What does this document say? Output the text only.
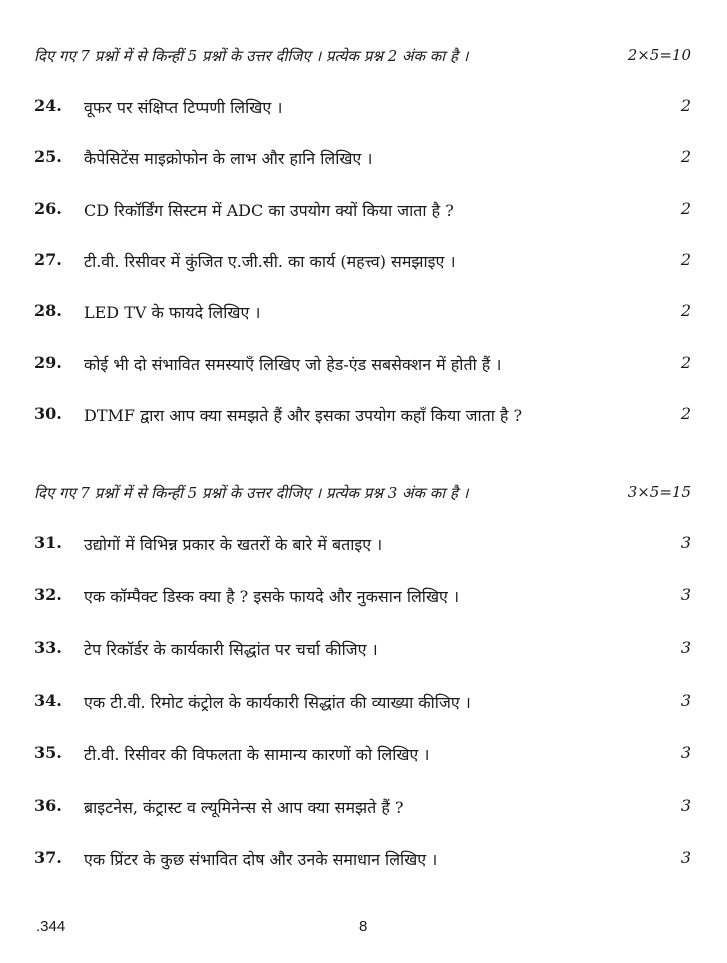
दिए गए 7 प्रश्नों में से किन्हीं 5 प्रश्नों के उत्तर दीजिए । प्रत्येक प्रश्न 2 अंक का है ।	2×5=10
24. वूफर पर संक्षिप्त टिप्पणी लिखिए ।	2
25. कैपेसिटेंस माइक्रोफोन के लाभ और हानि लिखिए ।	2
26. CD रिकॉर्डिंग सिस्टम में ADC का उपयोग क्यों किया जाता है ?	2
27. टी.वी. रिसीवर में कुंजित ए.जी.सी. का कार्य (महत्त्व) समझाइए ।	2
28. LED TV के फायदे लिखिए ।	2
29. कोई भी दो संभावित समस्याएँ लिखिए जो हेड-एंड सबसेक्शन में होती हैं ।	2
30. DTMF द्वारा आप क्या समझते हैं और इसका उपयोग कहाँ किया जाता है ?	2
दिए गए 7 प्रश्नों में से किन्हीं 5 प्रश्नों के उत्तर दीजिए । प्रत्येक प्रश्न 3 अंक का है ।	3×5=15
31. उद्योगों में विभिन्न प्रकार के खतरों के बारे में बताइए ।	3
32. एक कॉम्पैक्ट डिस्क क्या है ? इसके फायदे और नुकसान लिखिए ।	3
33. टेप रिकॉर्डर के कार्यकारी सिद्धांत पर चर्चा कीजिए ।	3
34. एक टी.वी. रिमोट कंट्रोल के कार्यकारी सिद्धांत की व्याख्या कीजिए ।	3
35. टी.वी. रिसीवर की विफलता के सामान्य कारणों को लिखिए ।	3
36. ब्राइटनेस, कंट्रास्ट व ल्यूमिनेन्स से आप क्या समझते हैं ?	3
37. एक प्रिंटर के कुछ संभावित दोष और उनके समाधान लिखिए ।	3
.344	8
